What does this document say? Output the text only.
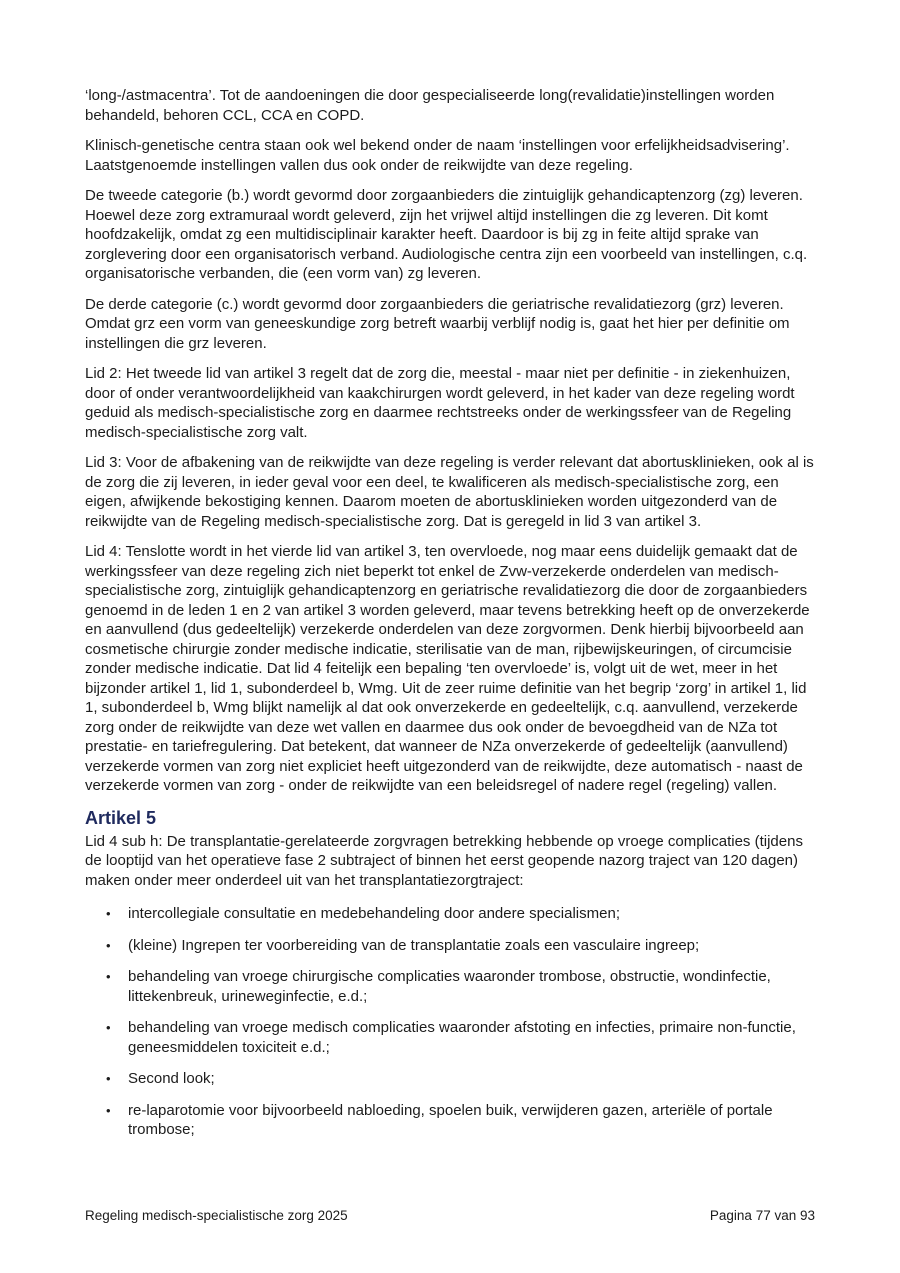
‘long-/astmacentra’. Tot de aandoeningen die door gespecialiseerde long(revalidatie)instellingen worden behandeld, behoren CCL, CCA en COPD.

Klinisch-genetische centra staan ook wel bekend onder de naam ‘instellingen voor erfelijkheidsadvisering’. Laatstgenoemde instellingen vallen dus ook onder de reikwijdte van deze regeling.

De tweede categorie (b.) wordt gevormd door zorgaanbieders die zintuiglijk gehandicaptenzorg (zg) leveren. Hoewel deze zorg extramuraal wordt geleverd, zijn het vrijwel altijd instellingen die zg leveren. Dit komt hoofdzakelijk, omdat zg een multidisciplinair karakter heeft. Daardoor is bij zg in feite altijd sprake van zorglevering door een organisatorisch verband. Audiologische centra zijn een voorbeeld van instellingen, c.q. organisatorische verbanden, die (een vorm van) zg leveren.

De derde categorie (c.) wordt gevormd door zorgaanbieders die geriatrische revalidatiezorg (grz) leveren. Omdat grz een vorm van geneeskundige zorg betreft waarbij verblijf nodig is, gaat het hier per definitie om instellingen die grz leveren.

Lid 2: Het tweede lid van artikel 3 regelt dat de zorg die, meestal - maar niet per definitie - in ziekenhuizen, door of onder verantwoordelijkheid van kaakchirurgen wordt geleverd, in het kader van deze regeling wordt geduid als medisch-specialistische zorg en daarmee rechtstreeks onder de werkingssfeer van de Regeling medisch-specialistische zorg valt.

Lid 3: Voor de afbakening van de reikwijdte van deze regeling is verder relevant dat abortusklinieken, ook al is de zorg die zij leveren, in ieder geval voor een deel, te kwalificeren als medisch-specialistische zorg, een eigen, afwijkende bekostiging kennen. Daarom moeten de abortusklinieken worden uitgezonderd van de reikwijdte van de Regeling medisch-specialistische zorg. Dat is geregeld in lid 3 van artikel 3.

Lid 4: Tenslotte wordt in het vierde lid van artikel 3, ten overvloede, nog maar eens duidelijk gemaakt dat de werkingssfeer van deze regeling zich niet beperkt tot enkel de Zvw-verzekerde onderdelen van medisch-specialistische zorg, zintuiglijk gehandicaptenzorg en geriatrische revalidatiezorg die door de zorgaanbieders genoemd in de leden 1 en 2 van artikel 3 worden geleverd, maar tevens betrekking heeft op de onverzekerde en aanvullend (dus gedeeltelijk) verzekerde onderdelen van deze zorgvormen. Denk hierbij bijvoorbeeld aan cosmetische chirurgie zonder medische indicatie, sterilisatie van de man, rijbewijskeuringen, of circumcisie zonder medische indicatie. Dat lid 4 feitelijk een bepaling ‘ten overvloede’ is, volgt uit de wet, meer in het bijzonder artikel 1, lid 1, subonderdeel b, Wmg. Uit de zeer ruime definitie van het begrip ‘zorg’ in artikel 1, lid 1, subonderdeel b, Wmg blijkt namelijk al dat ook onverzekerde en gedeeltelijk, c.q. aanvullend, verzekerde zorg onder de reikwijdte van deze wet vallen en daarmee dus ook onder de bevoegdheid van de NZa tot prestatie- en tariefregulering. Dat betekent, dat wanneer de NZa onverzekerde of gedeeltelijk (aanvullend) verzekerde vormen van zorg niet expliciet heeft uitgezonderd van de reikwijdte, deze automatisch - naast de verzekerde vormen van zorg - onder de reikwijdte van een beleidsregel of nadere regel (regeling) vallen.

Artikel 5

Lid 4 sub h: De transplantatie-gerelateerde zorgvragen betrekking hebbende op vroege complicaties (tijdens de looptijd van het operatieve fase 2 subtraject of binnen het eerst geopende nazorg traject van 120 dagen) maken onder meer onderdeel uit van het transplantatiezorgtraject:

• intercollegiale consultatie en medebehandeling door andere specialismen;
• (kleine) Ingrepen ter voorbereiding van de transplantatie zoals een vasculaire ingreep;
• behandeling van vroege chirurgische complicaties waaronder trombose, obstructie, wondinfectie, littekenbreuk, urineweginfectie, e.d.;
• behandeling van vroege medisch complicaties waaronder afstoting en infecties, primaire non-functie, geneesmiddelen toxiciteit e.d.;
• Second look;
• re-laparotomie voor bijvoorbeeld nabloeding, spoelen buik, verwijderen gazen, arteriële of portale trombose;
Regeling medisch-specialistische zorg 2025	Pagina 77 van 93
